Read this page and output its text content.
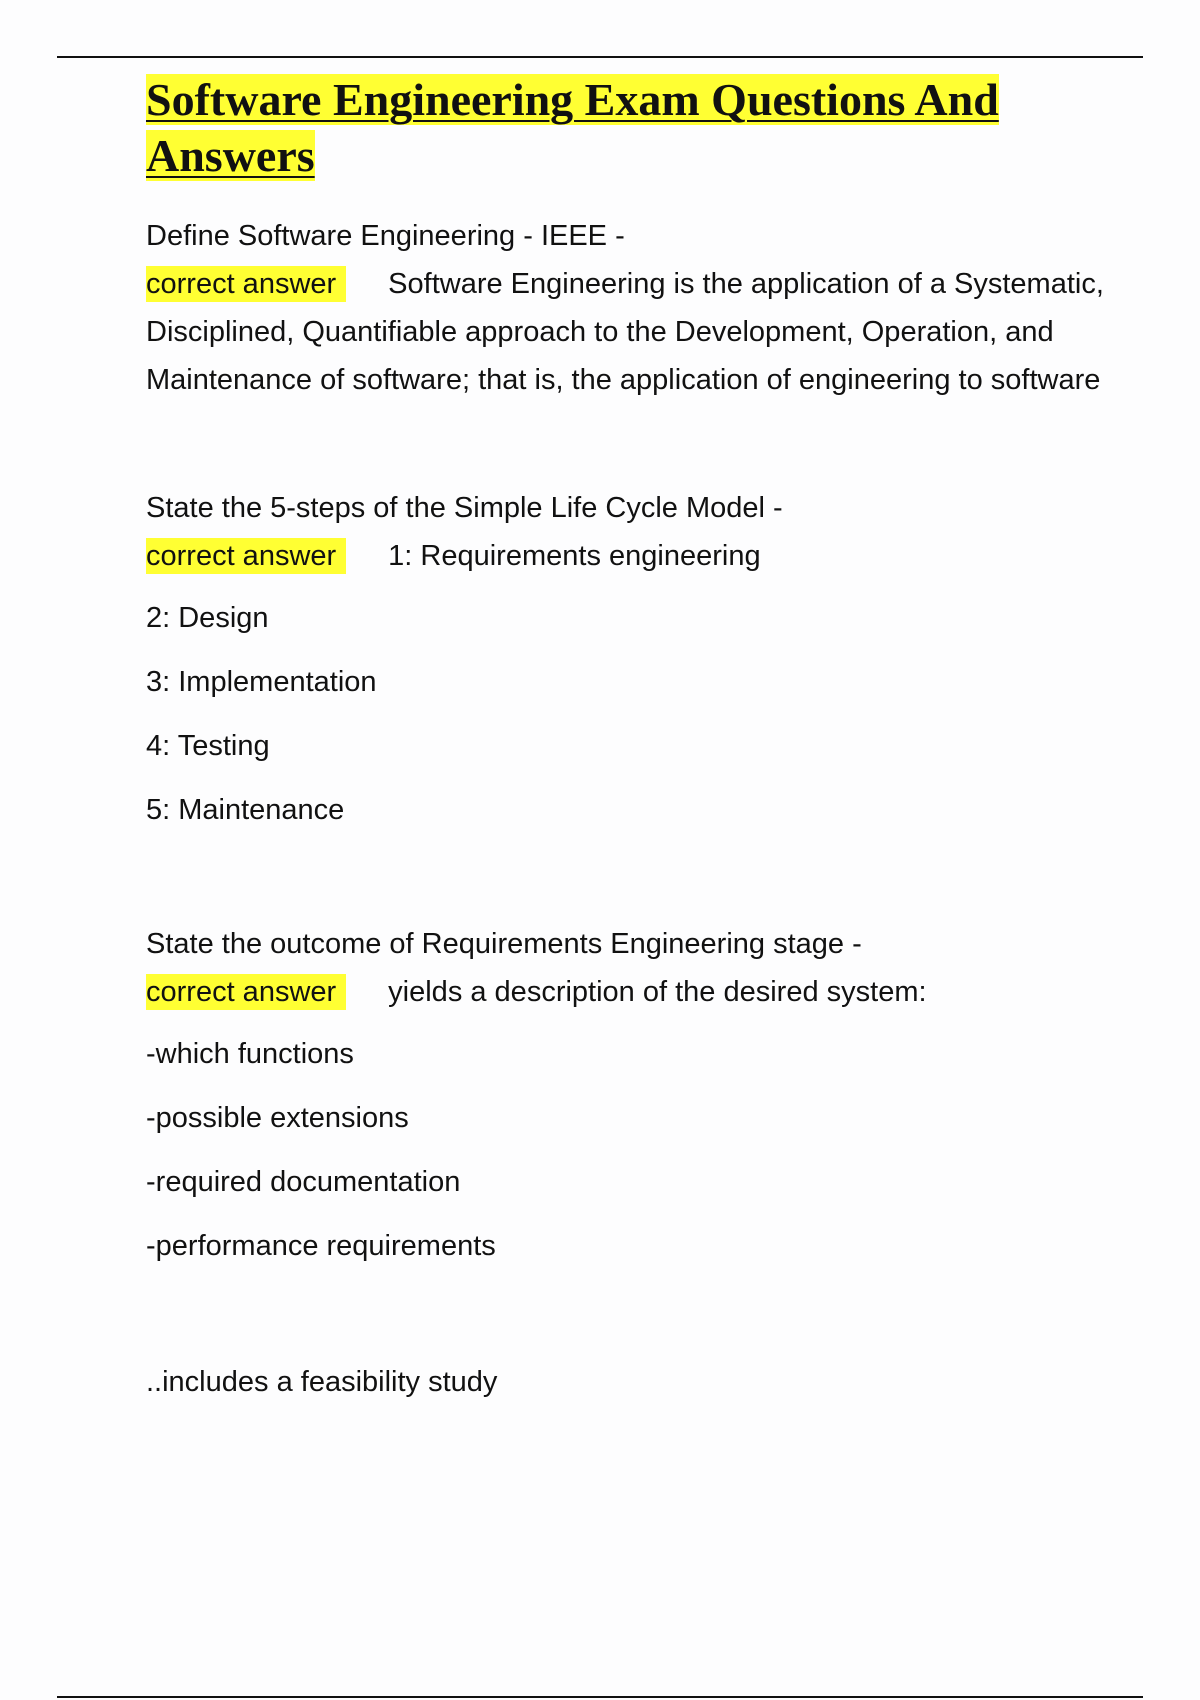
Software Engineering Exam Questions And
Answers

Define Software Engineering - IEEE -

correct answer Software Engineering is the application of a Systematic, Disciplined, Quantifiable approach to the Development, Operation, and Maintenance of software; that is, the application of engineering to software

State the 5-steps of the Simple Life Cycle Model -

correct answer 1: Requirements engineering

2: Design

3: Implementation

4: Testing

5: Maintenance

State the outcome of Requirements Engineering stage -

correct answer yields a description of the desired system:

-which functions

-possible extensions

-required documentation

-performance requirements

..includes a feasibility study
